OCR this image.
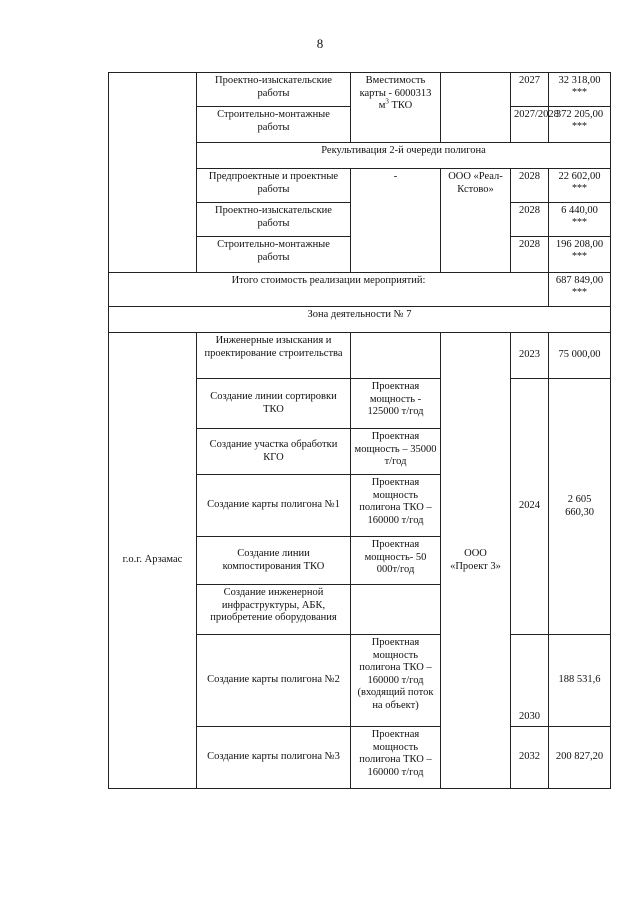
8
	Проектно-изыскательские работы	Вместимость карты - 6000313 $м^3$ ТКО		2027	32 318,00
***

	Строительно-монтажные работы			2027/2028	372 205,00
***

	Рекультивация 2-й очереди полигона				
	Предпроектные и проектные работы	-	ООО «Реал-Кстово»	2028	22 602,00
***

	Проектно-изыскательские работы			2028	6 440,00
***

	Строительно-монтажные работы			2028	196 208,00
***

Итого стоимость реализации мероприятий:					687 849,00
***

Зона деятельности № 7					
г.о.г. Арзамас	Инженерные изыскания и проектирование строительства		ООО «Проект 3»	2023	75 000,00
	Создание линии сортировки ТКО	Проектная мощность - 125000 т/год		2024	2 605 660,30
	Создание участка обработки КГО	Проектная мощность – 35000 т/год			
	Создание карты полигона №1	Проектная мощность полигона ТКО – 160000 т/год			
	Создание линии компостирования ТКО	Проектная мощность- 50 000т/год			
	Создание инженерной инфраструктуры, АБК, приобретение оборудования				
	Создание карты полигона №2	Проектная мощность полигона ТКО – 160000 т/год (входящий поток на объект)		2030	188 531,6
	Создание карты полигона №3	Проектная мощность полигона ТКО – 160000 т/год		2032	200 827,20
